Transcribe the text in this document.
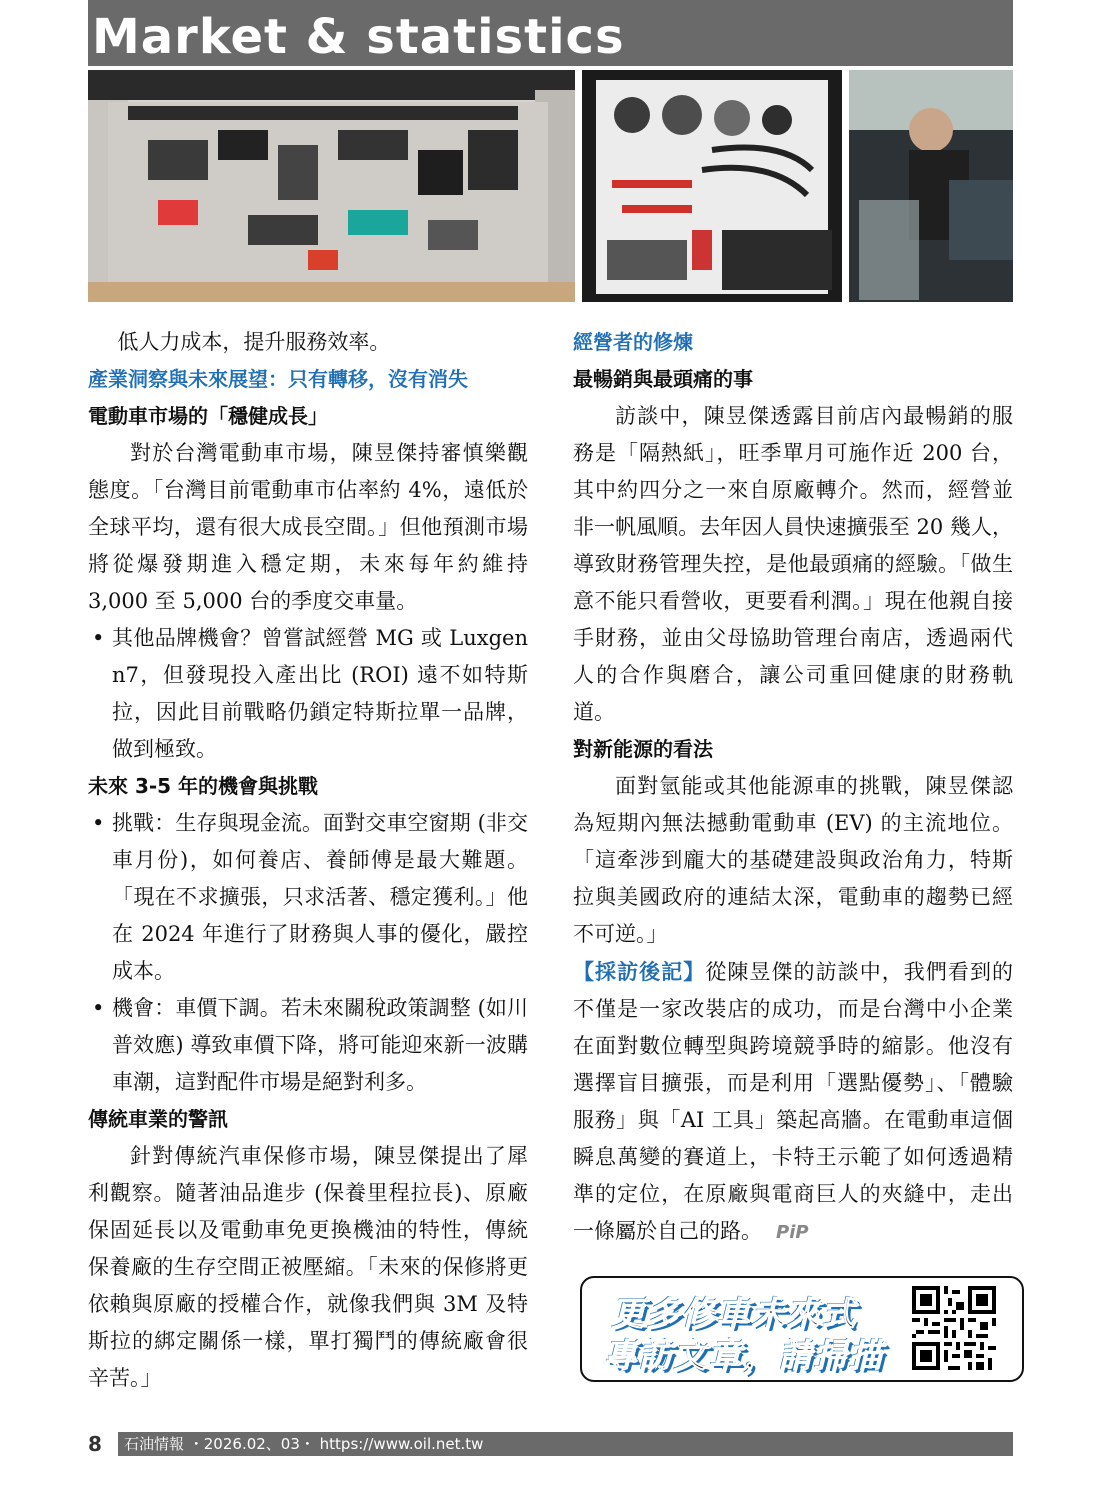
Market & statistics

低人力成本，提升服務效率。

產業洞察與未來展望：只有轉移，沒有消失

電動車市場的「穩健成長」

對於台灣電動車市場，陳昱傑持審慎樂觀態度。「台灣目前電動車市佔率約 4%，遠低於全球平均，還有很大成長空間。」但他預測市場將從爆發期進入穩定期，未來每年約維持 3,000 至 5,000 台的季度交車量。

• 其他品牌機會？曾嘗試經營 MG 或 Luxgen n7，但發現投入產出比 (ROI) 遠不如特斯拉，因此目前戰略仍鎖定特斯拉單一品牌，做到極致。

未來 3-5 年的機會與挑戰

• 挑戰：生存與現金流。面對交車空窗期 (非交車月份)，如何養店、養師傅是最大難題。「現在不求擴張，只求活著、穩定獲利。」他在 2024 年進行了財務與人事的優化，嚴控成本。

• 機會：車價下調。若未來關稅政策調整 (如川普效應) 導致車價下降，將可能迎來新一波購車潮，這對配件市場是絕對利多。

傳統車業的警訊

針對傳統汽車保修市場，陳昱傑提出了犀利觀察。隨著油品進步 (保養里程拉長)、原廠保固延長以及電動車免更換機油的特性，傳統保養廠的生存空間正被壓縮。「未來的保修將更依賴與原廠的授權合作，就像我們與 3M 及特斯拉的綁定關係一樣，單打獨鬥的傳統廠會很辛苦。」

經營者的修煉

最暢銷與最頭痛的事

訪談中，陳昱傑透露目前店內最暢銷的服務是「隔熱紙」，旺季單月可施作近 200 台，其中約四分之一來自原廠轉介。然而，經營並非一帆風順。去年因人員快速擴張至 20 幾人，導致財務管理失控，是他最頭痛的經驗。「做生意不能只看營收，更要看利潤。」現在他親自接手財務，並由父母協助管理台南店，透過兩代人的合作與磨合，讓公司重回健康的財務軌道。

對新能源的看法

面對氫能或其他能源車的挑戰，陳昱傑認為短期內無法撼動電動車 (EV) 的主流地位。「這牽涉到龐大的基礎建設與政治角力，特斯拉與美國政府的連結太深，電動車的趨勢已經不可逆。」

【採訪後記】從陳昱傑的訪談中，我們看到的不僅是一家改裝店的成功，而是台灣中小企業在面對數位轉型與跨境競爭時的縮影。他沒有選擇盲目擴張，而是利用「選點優勢」、「體驗服務」與「AI 工具」築起高牆。在電動車這個瞬息萬變的賽道上，卡特王示範了如何透過精準的定位，在原廠與電商巨人的夾縫中，走出一條屬於自己的路。 PiP

更多修車未來式
專訪文章，請掃描
8	石油情報 ・2026.02、03・ https://www.oil.net.tw
